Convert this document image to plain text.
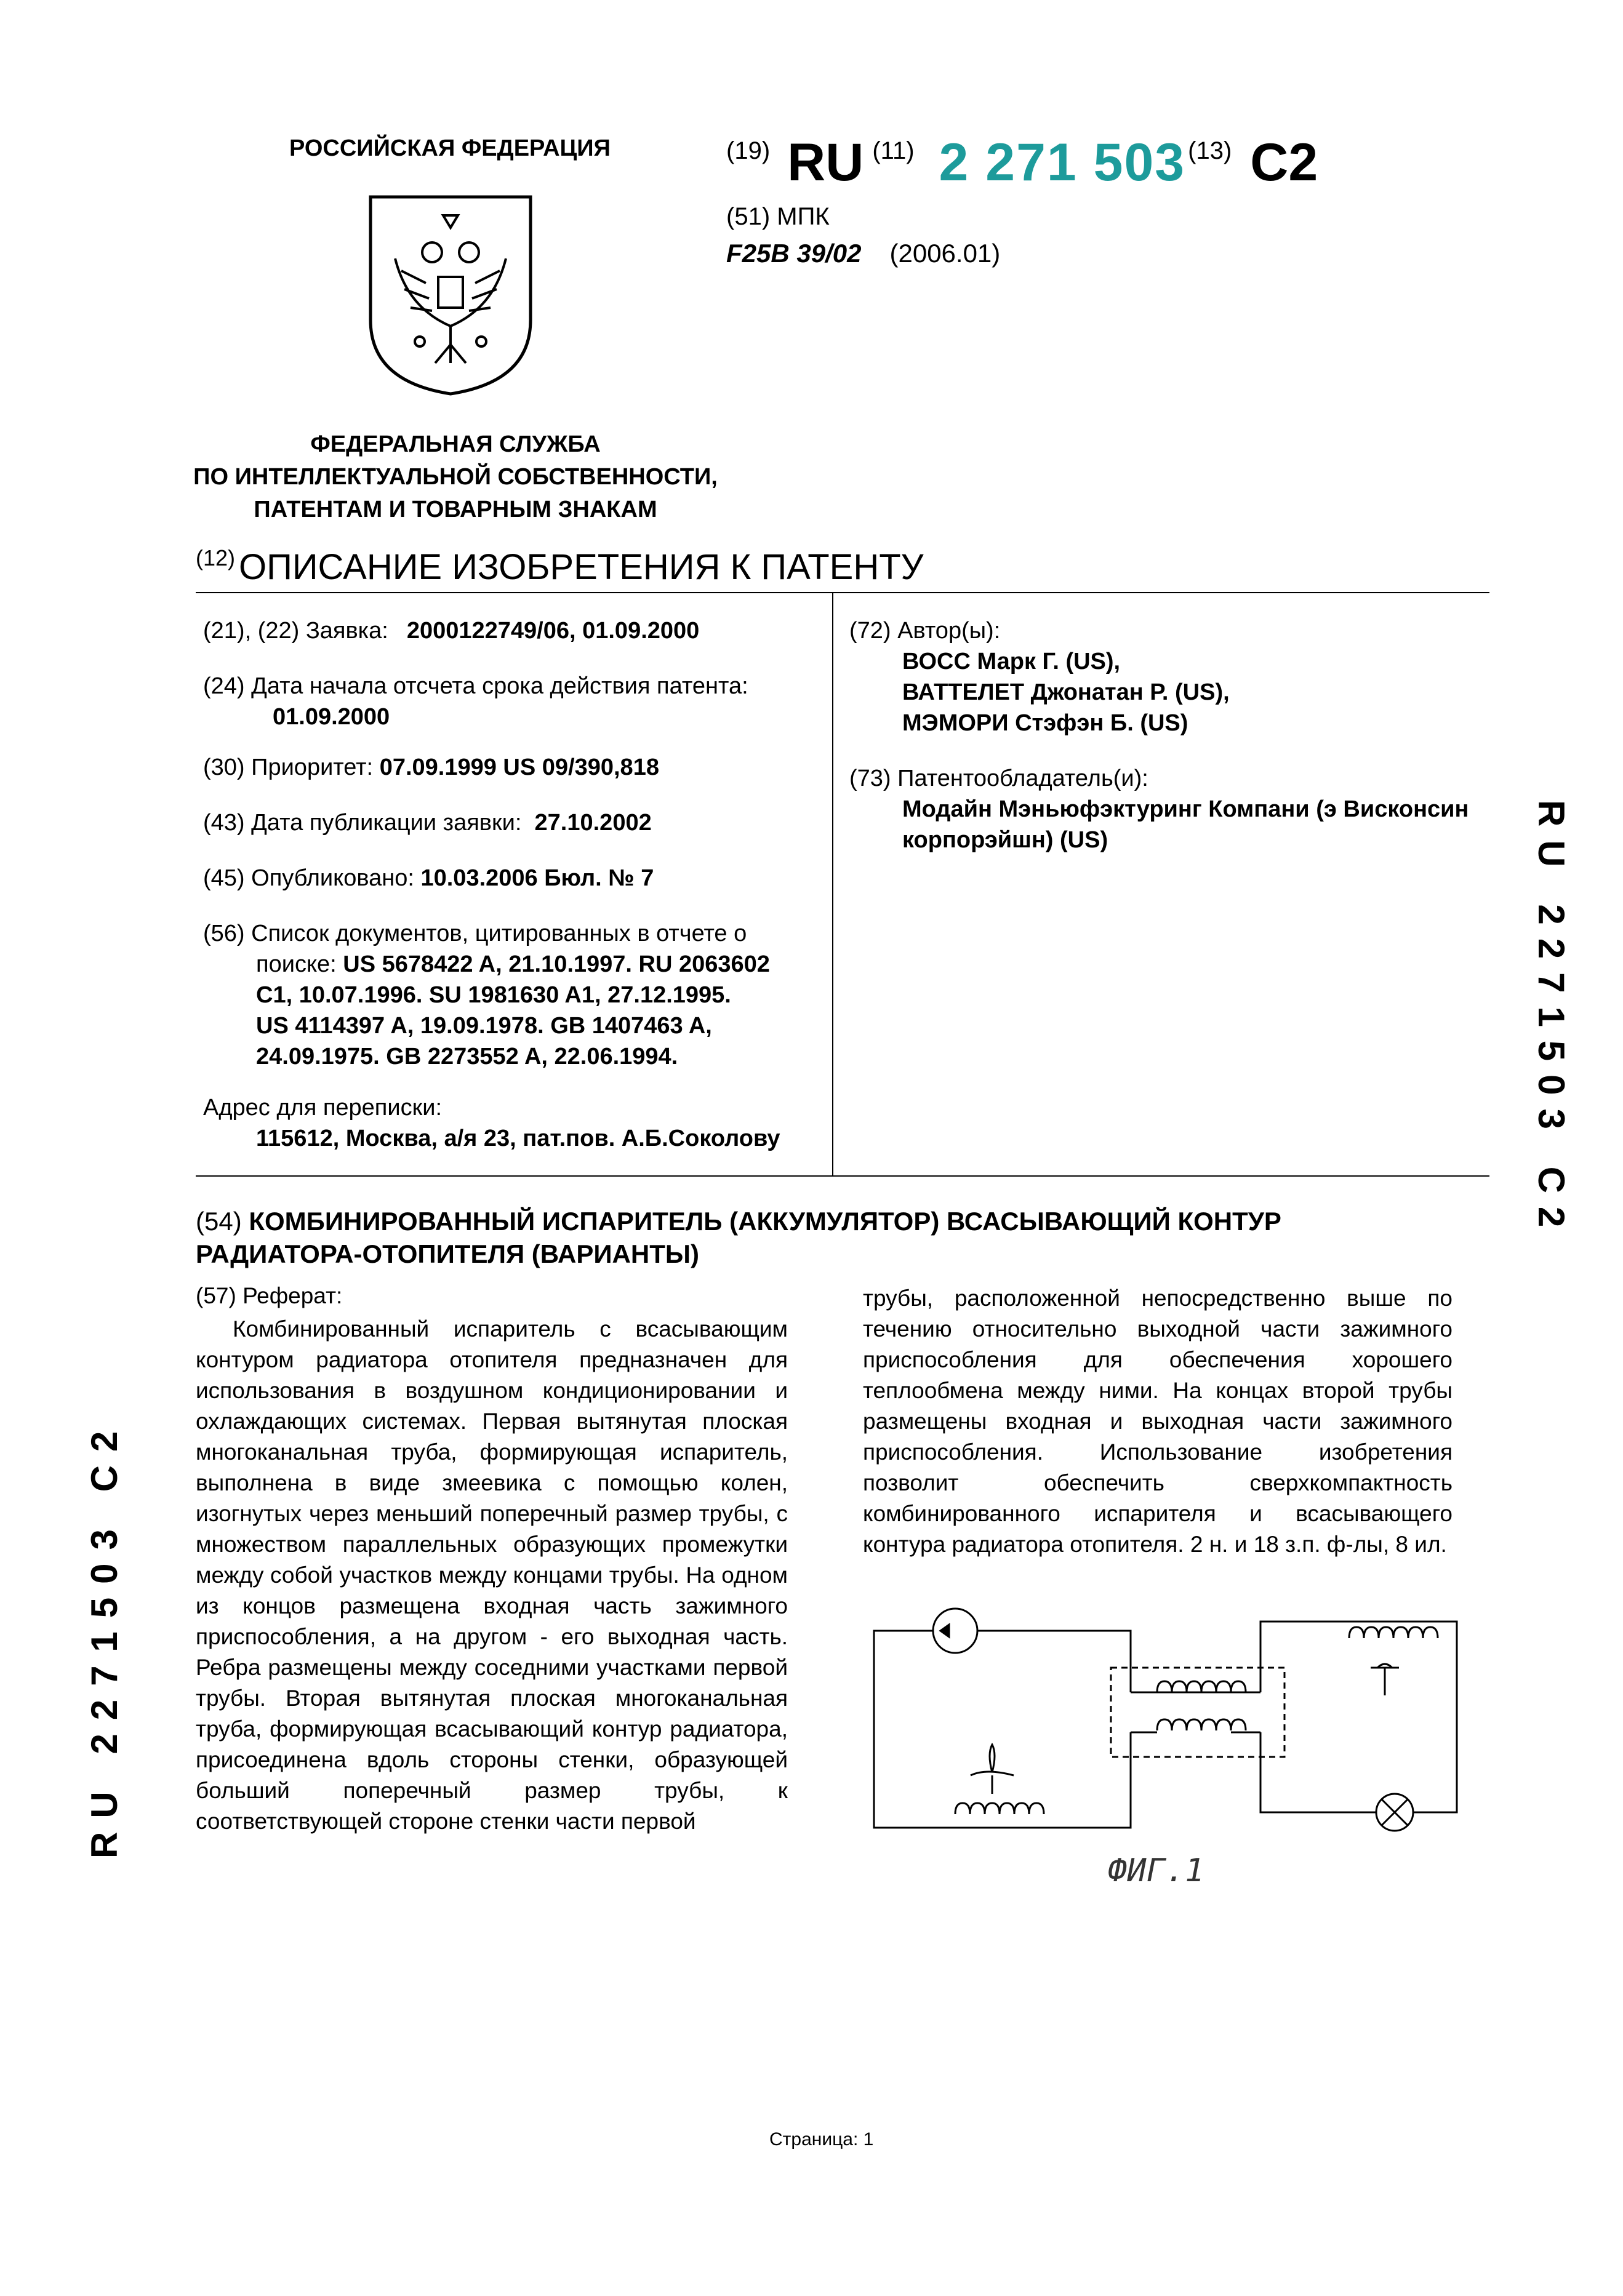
РОССИЙСКАЯ ФЕДЕРАЦИЯ
ФЕДЕРАЛЬНАЯ СЛУЖБА
ПО ИНТЕЛЛЕКТУАЛЬНОЙ СОБСТВЕННОСТИ,
ПАТЕНТАМ И ТОВАРНЫМ ЗНАКАМ
(19) RU (11) 2 271 503 (13) C2
(51) МПК
F25B 39/02 (2006.01)
$^{(12)}$ ОПИСАНИЕ ИЗОБРЕТЕНИЯ К ПАТЕНТУ
(21), (22) Заявка: 2000122749/06, 01.09.2000
(24) Дата начала отсчета срока действия патента:
01.09.2000
(30) Приоритет: 07.09.1999 US 09/390,818
(43) Дата публикации заявки: 27.10.2002
(45) Опубликовано: 10.03.2006 Бюл. № 7
(56) Список документов, цитированных в отчете о
поиске: US 5678422 A, 21.10.1997. RU 2063602
C1, 10.07.1996. SU 1981630 A1, 27.12.1995.
US 4114397 A, 19.09.1978. GB 1407463 A,
24.09.1975. GB 2273552 A, 22.06.1994.
Адрес для переписки:
115612, Москва, а/я 23, пат.пов. А.Б.Соколову
(72) Автор(ы):
ВОСС Марк Г. (US),
ВАТТЕЛЕТ Джонатан Р. (US),
МЭМОРИ Стэфэн Б. (US)
(73) Патентообладатель(и):
Модайн Мэньюфэктуринг Компани (э Висконсин
корпорэйшн) (US)	RU 2271503 C2
RU 2271503 C2
(54) КОМБИНИРОВАННЫЙ ИСПАРИТЕЛЬ (АККУМУЛЯТОР) ВСАСЫВАЮЩИЙ КОНТУР
РАДИАТОРА-ОТОПИТЕЛЯ (ВАРИАНТЫ)
(57) Реферат:
Комбинированный испаритель с всасывающим контуром радиатора отопителя предназначен для использования в воздушном кондиционировании и охлаждающих системах. Первая вытянутая плоская многоканальная труба, формирующая испаритель, выполнена в виде змеевика с помощью колен, изогнутых через меньший поперечный размер трубы, с множеством параллельных образующих промежутки между собой участков между концами трубы. На одном из концов размещена входная часть зажимного приспособления, а на другом - его выходная часть. Ребра размещены между соседними участками первой трубы. Вторая вытянутая плоская многоканальная труба, формирующая всасывающий контур радиатора, присоединена вдоль стороны стенки, образующей больший поперечный размер трубы, к соответствующей стороне стенки части первой
трубы, расположенной непосредственно выше по течению относительно выходной части зажимного приспособления для обеспечения хорошего теплообмена между ними. На концах второй трубы размещены входная и выходная части зажимного приспособления. Использование изобретения позволит обеспечить сверхкомпактность комбинированного испарителя и всасывающего контура радиатора отопителя. 2 н. и 18 з.п. ф-лы, 8 ил.
ФИГ.1
Страница: 1
